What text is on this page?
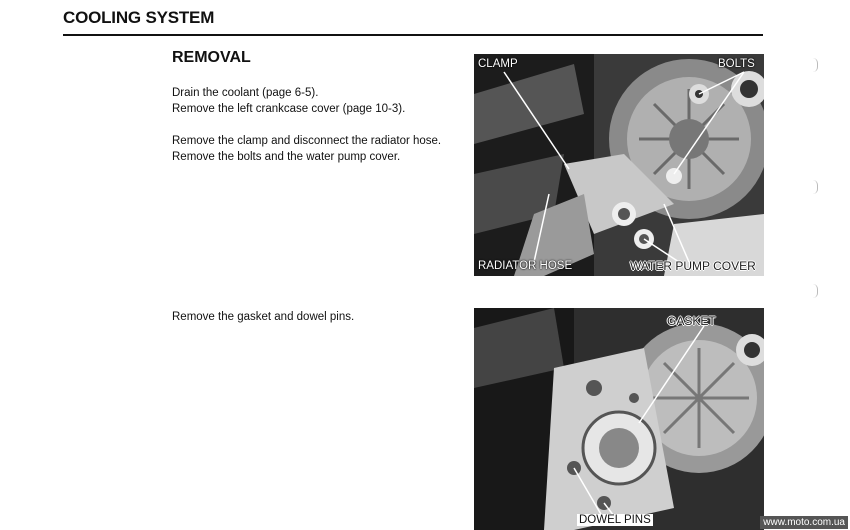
COOLING SYSTEM
REMOVAL
Drain the coolant (page 6-5).
Remove the left crankcase cover (page 10-3).
Remove the clamp and disconnect the radiator hose.
Remove the bolts and the water pump cover.
Remove the gasket and dowel pins.
CLAMP	BOLTS
RADIATOR HOSE	WATER PUMP COVER
GASKET
DOWEL PINS	www.moto.com.ua
